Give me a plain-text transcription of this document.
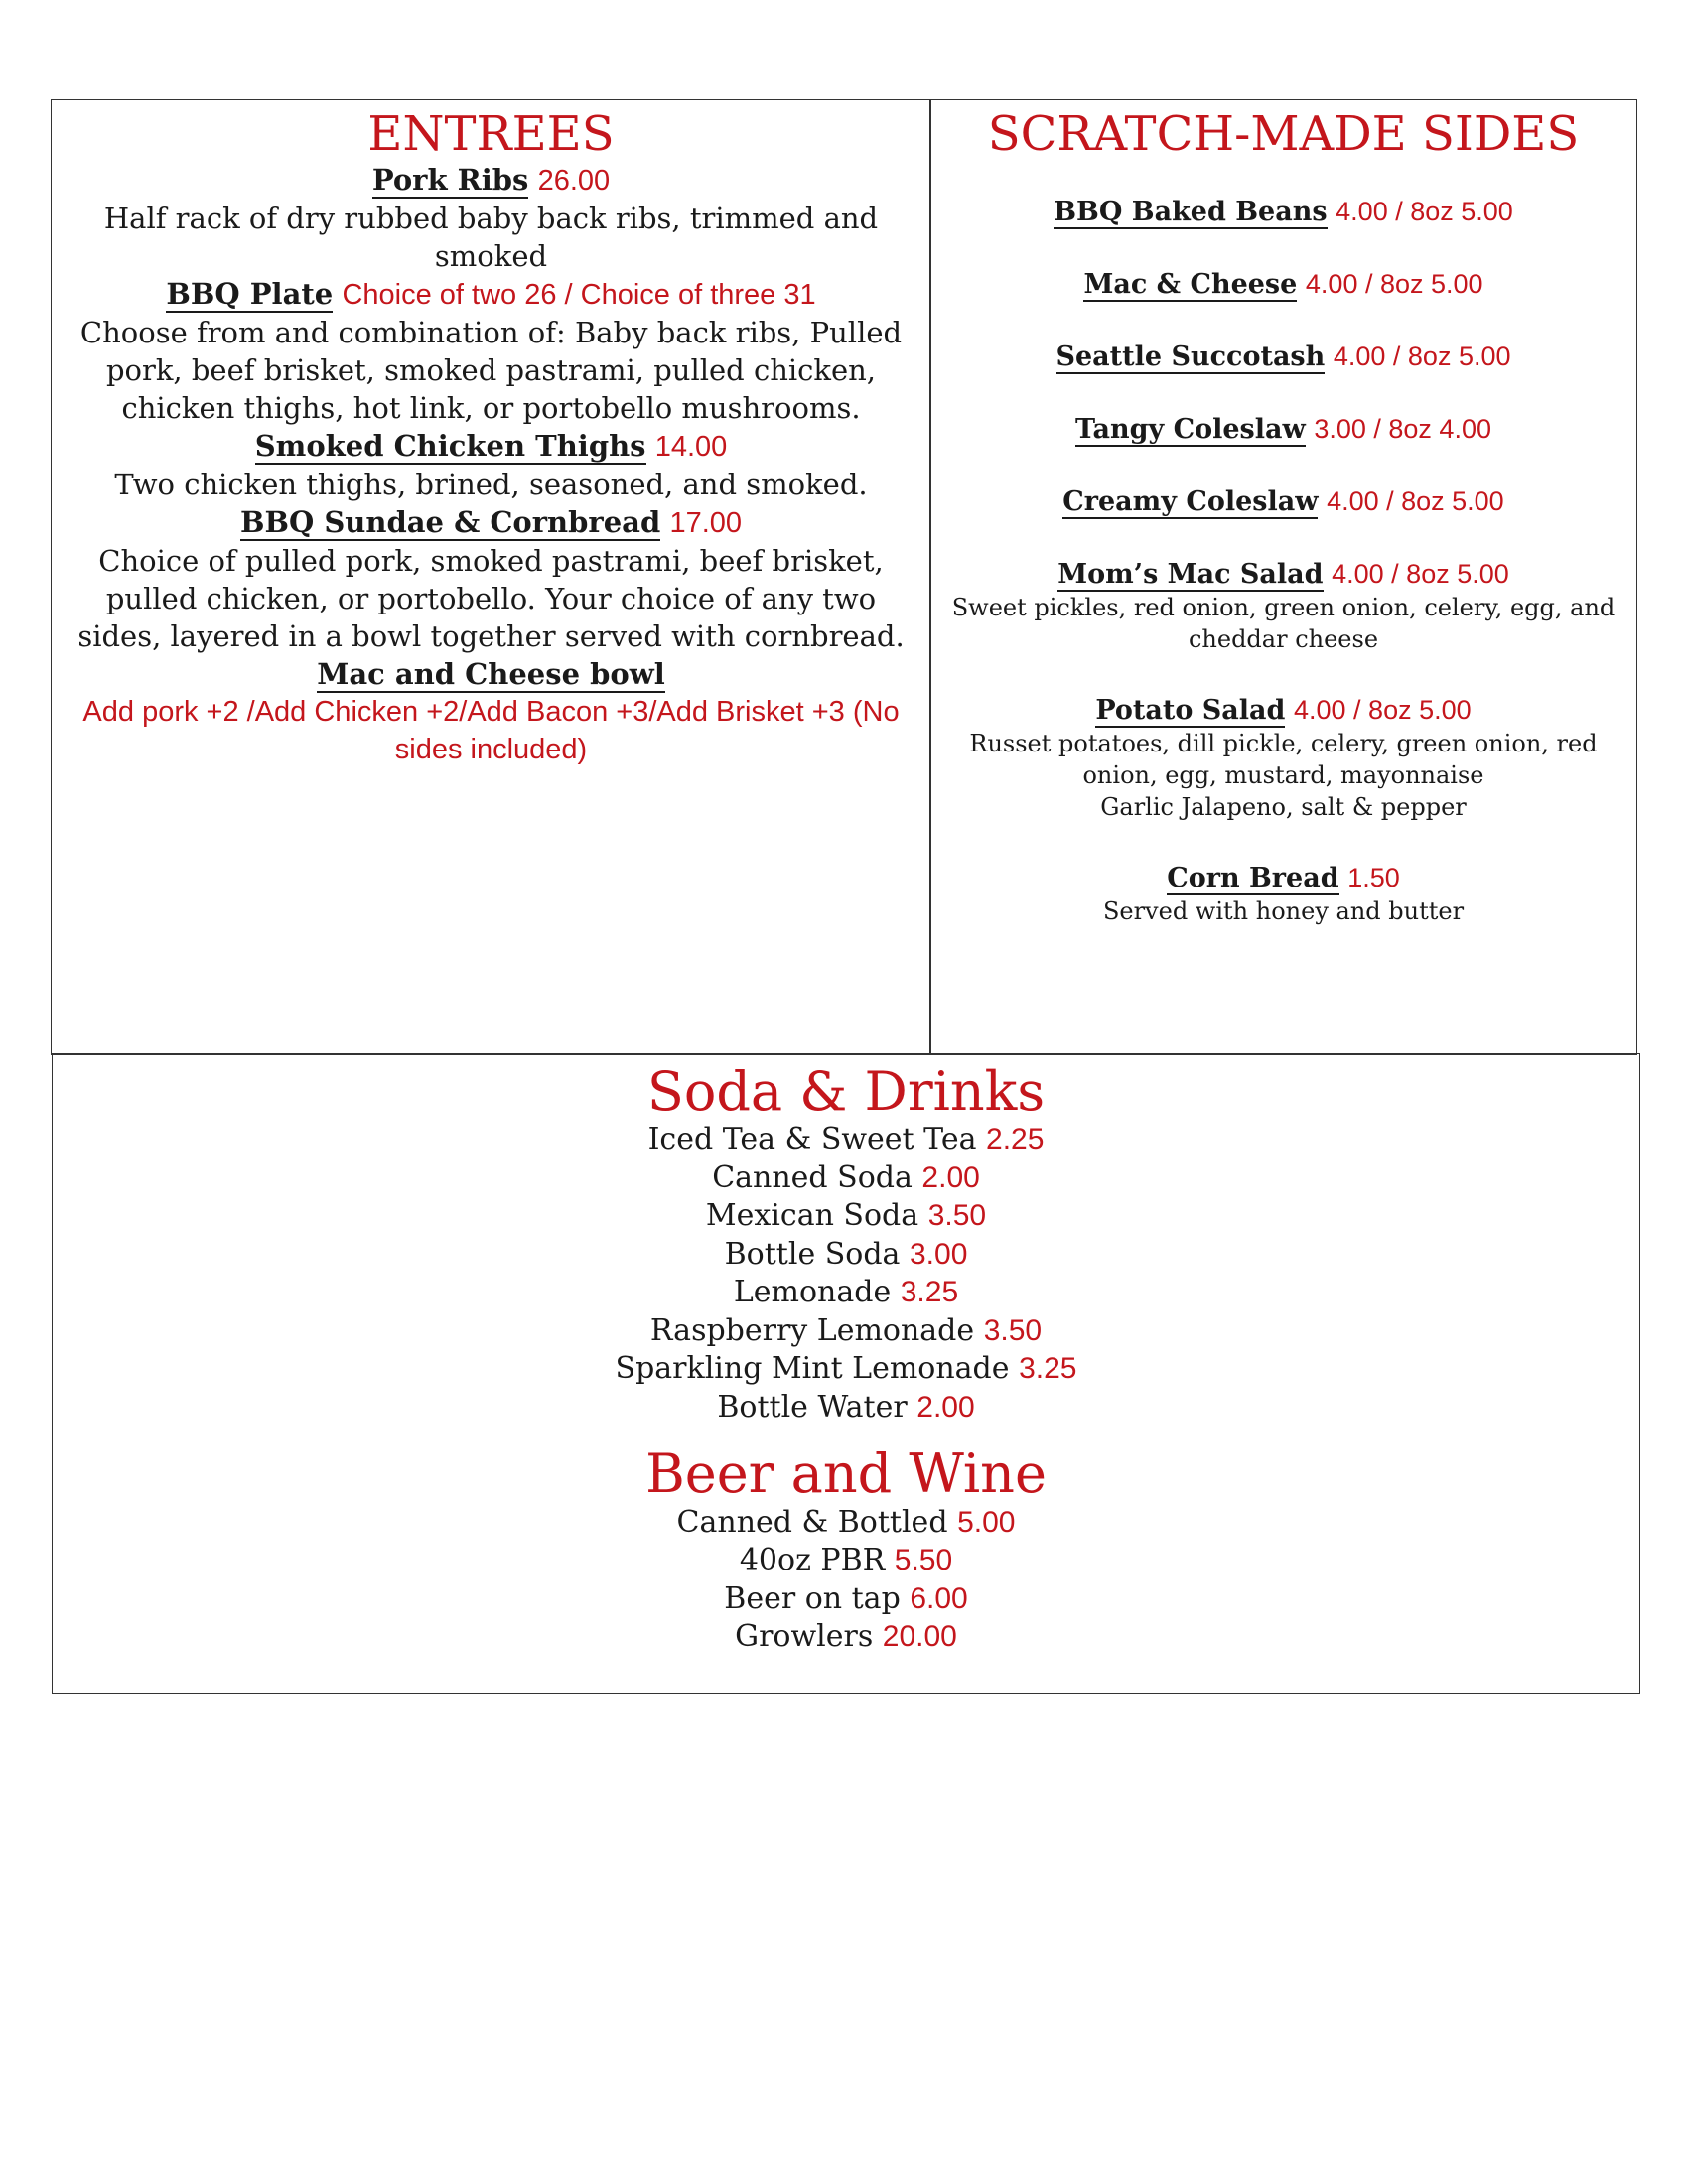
ENTREES
Pork Ribs 26.00
Half rack of dry rubbed baby back ribs, trimmed and smoked
BBQ Plate Choice of two 26 / Choice of three 31
Choose from and combination of: Baby back ribs, Pulled pork, beef brisket, smoked pastrami, pulled chicken, chicken thighs, hot link, or portobello mushrooms.
Smoked Chicken Thighs 14.00
Two chicken thighs, brined, seasoned, and smoked.
BBQ Sundae & Cornbread 17.00
Choice of pulled pork, smoked pastrami, beef brisket, pulled chicken, or portobello. Your choice of any two sides, layered in a bowl together served with cornbread.
Mac and Cheese bowl
Add pork +2 /Add Chicken +2/Add Bacon +3/Add Brisket +3 (No sides included)
SCRATCH-MADE SIDES
BBQ Baked Beans 4.00 / 8oz 5.00
Mac & Cheese 4.00 / 8oz 5.00
Seattle Succotash 4.00 / 8oz 5.00
Tangy Coleslaw 3.00 / 8oz 4.00
Creamy Coleslaw 4.00 / 8oz 5.00
Mom’s Mac Salad 4.00 / 8oz 5.00
Sweet pickles, red onion, green onion, celery, egg, and cheddar cheese
Potato Salad 4.00 / 8oz 5.00
Russet potatoes, dill pickle, celery, green onion, red onion, egg, mustard, mayonnaise
Garlic Jalapeno, salt & pepper
Corn Bread 1.50
Served with honey and butter
Soda & Drinks
Iced Tea & Sweet Tea 2.25
Canned Soda 2.00
Mexican Soda 3.50
Bottle Soda 3.00
Lemonade 3.25
Raspberry Lemonade 3.50
Sparkling Mint Lemonade 3.25
Bottle Water 2.00
Beer and Wine
Canned & Bottled 5.00
40oz PBR 5.50
Beer on tap 6.00
Growlers 20.00
